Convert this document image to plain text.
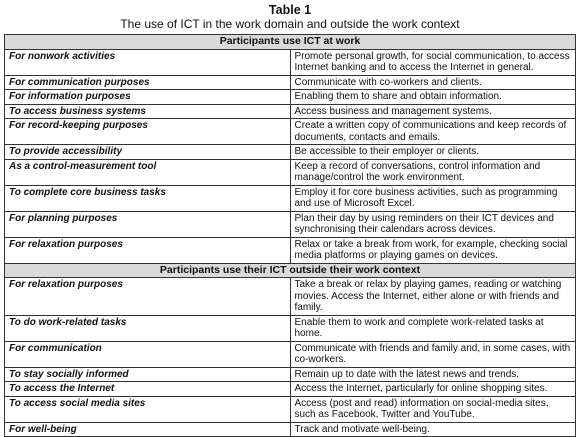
Table 1
The use of ICT in the work domain and outside the work context
Participants use ICT at work	
For nonwork activities	Promote personal growth, for social communication, to access Internet banking and to access the Internet in general.
For communication purposes	Communicate with co-workers and clients.
For information purposes	Enabling them to share and obtain information.
To access business systems	Access business and management systems.
For record-keeping purposes	Create a written copy of communications and keep records of documents, contacts and emails.
To provide accessibility	Be accessible to their employer or clients.
As a control-measurement tool	Keep a record of conversations, control information and manage/control the work environment.
To complete core business tasks	Employ it for core business activities, such as programming and use of Microsoft Excel.
For planning purposes	Plan their day by using reminders on their ICT devices and synchronising their calendars across devices.
For relaxation purposes	Relax or take a break from work, for example, checking social media platforms or playing games on devices.
Participants use their ICT outside their work context	
For relaxation purposes	Take a break or relax by playing games, reading or watching movies. Access the Internet, either alone or with friends and family.
To do work-related tasks	Enable them to work and complete work-related tasks at home.
For communication	Communicate with friends and family and, in some cases, with co-workers.
To stay socially informed	Remain up to date with the latest news and trends.
To access the Internet	Access the Internet, particularly for online shopping sites.
To access social media sites	Access (post and read) information on social-media sites, such as Facebook, Twitter and YouTube.
For well-being	Track and motivate well-being.
